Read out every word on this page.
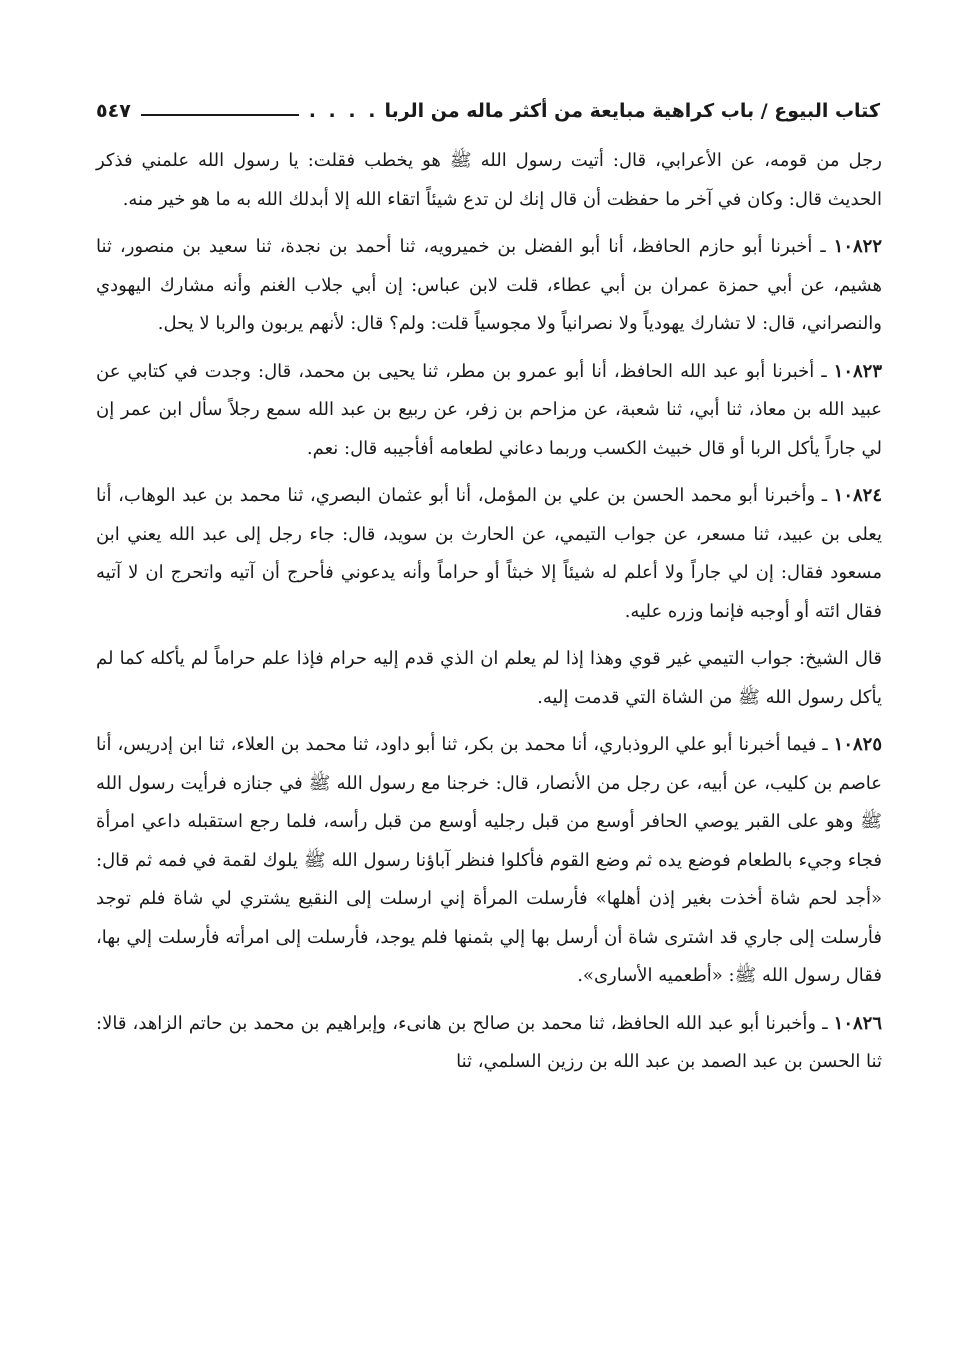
كتاب البيوع / باب كراهية مبايعة من أكثر ماله من الربا
. . . .
٥٤٧

رجل من قومه، عن الأعرابي، قال: أتيت رسول الله ﷺ هو يخطب فقلت: يا رسول الله علمني فذكر الحديث قال: وكان في آخر ما حفظت أن قال إنك لن تدع شيئاً اتقاء الله إلا أبدلك الله به ما هو خير منه.

١٠٨٢٢ ـ أخبرنا أبو حازم الحافظ، أنا أبو الفضل بن خميرويه، ثنا أحمد بن نجدة، ثنا سعيد بن منصور، ثنا هشيم، عن أبي حمزة عمران بن أبي عطاء، قلت لابن عباس: إن أبي جلاب الغنم وأنه مشارك اليهودي والنصراني، قال: لا تشارك يهودياً ولا نصرانياً ولا مجوسياً قلت: ولم؟ قال: لأنهم يربون والربا لا يحل.

١٠٨٢٣ ـ أخبرنا أبو عبد الله الحافظ، أنا أبو عمرو بن مطر، ثنا يحيى بن محمد، قال: وجدت في كتابي عن عبيد الله بن معاذ، ثنا أبي، ثنا شعبة، عن مزاحم بن زفر، عن ربيع بن عبد الله سمع رجلاً سأل ابن عمر إن لي جاراً يأكل الربا أو قال خبيث الكسب وربما دعاني لطعامه أفأجيبه قال: نعم.

١٠٨٢٤ ـ وأخبرنا أبو محمد الحسن بن علي بن المؤمل، أنا أبو عثمان البصري، ثنا محمد بن عبد الوهاب، أنا يعلى بن عبيد، ثنا مسعر، عن جواب التيمي، عن الحارث بن سويد، قال: جاء رجل إلى عبد الله يعني ابن مسعود فقال: إن لي جاراً ولا أعلم له شيئاً إلا خبثاً أو حراماً وأنه يدعوني فأحرج أن آتيه واتحرج ان لا آتيه فقال ائته أو أوجبه فإنما وزره عليه.

قال الشيخ: جواب التيمي غير قوي وهذا إذا لم يعلم ان الذي قدم إليه حرام فإذا علم حراماً لم يأكله كما لم يأكل رسول الله ﷺ من الشاة التي قدمت إليه.

١٠٨٢٥ ـ فيما أخبرنا أبو علي الروذباري، أنا محمد بن بكر، ثنا أبو داود، ثنا محمد بن العلاء، ثنا ابن إدريس، أنا عاصم بن كليب، عن أبيه، عن رجل من الأنصار، قال: خرجنا مع رسول الله ﷺ في جنازه فرأيت رسول الله ﷺ وهو على القبر يوصي الحافر أوسع من قبل رجليه أوسع من قبل رأسه، فلما رجع استقبله داعي امرأة فجاء وجيء بالطعام فوضع يده ثم وضع القوم فأكلوا فنظر آباؤنا رسول الله ﷺ يلوك لقمة في فمه ثم قال: «أجد لحم شاة أخذت بغير إذن أهلها» فأرسلت المرأة إني ارسلت إلى النقيع يشتري لي شاة فلم توجد فأرسلت إلى جاري قد اشترى شاة أن أرسل بها إلي بثمنها فلم يوجد، فأرسلت إلى امرأته فأرسلت إلي بها، فقال رسول الله ﷺ: «أطعميه الأسارى».

١٠٨٢٦ ـ وأخبرنا أبو عبد الله الحافظ، ثنا محمد بن صالح بن هانىء، وإبراهيم بن محمد بن حاتم الزاهد، قالا: ثنا الحسن بن عبد الصمد بن عبد الله بن رزين السلمي، ثنا
